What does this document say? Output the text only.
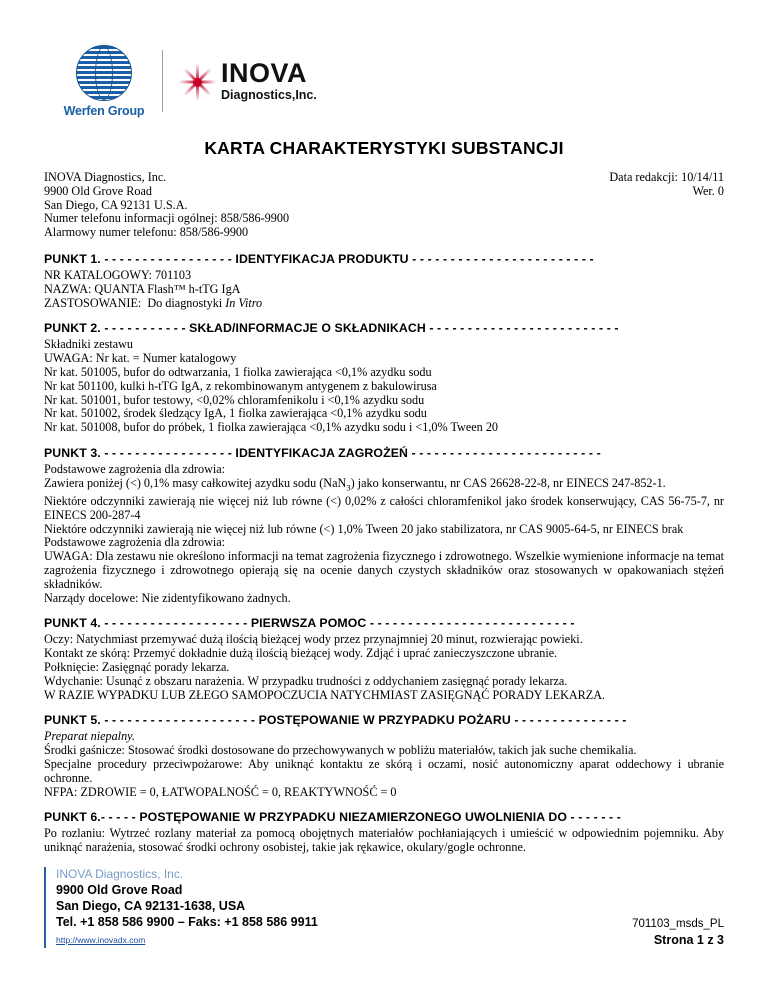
Werfen Group
INOVA
Diagnostics,Inc.
KARTA CHARAKTERYSTYKI SUBSTANCJI
Data redakcji: 10/14/11
Wer. 0
INOVA Diagnostics, Inc.
9900 Old Grove Road
San Diego, CA 92131 U.S.A.
Numer telefonu informacji ogólnej: 858/586-9900
Alarmowy numer telefonu: 858/586-9900
PUNKT 1. - - - - - - - - - - - - - - - - - IDENTYFIKACJA PRODUKTU - - - - - - - - - - - - - - - - - - - - - - - -
NR KATALOGOWY: 701103
NAZWA: QUANTA Flash™ h-tTG IgA
ZASTOSOWANIE:  Do diagnostyki In Vitro
PUNKT 2. - - - - - - - - - - - SKŁAD/INFORMACJE O SKŁADNIKACH - - - - - - - - - - - - - - - - - - - - - - - - -
Składniki zestawu
UWAGA: Nr kat. = Numer katalogowy
Nr kat. 501005, bufor do odtwarzania, 1 fiolka zawierająca <0,1% azydku sodu
Nr kat 501100, kulki h-tTG IgA, z rekombinowanym antygenem z bakulowirusa
Nr kat. 501001, bufor testowy, <0,02% chloramfenikolu i <0,1% azydku sodu
Nr kat. 501002, środek śledzący IgA, 1 fiolka zawierająca <0,1% azydku sodu
Nr kat. 501008, bufor do próbek, 1 fiolka zawierająca <0,1% azydku sodu i <1,0% Tween 20
PUNKT 3. - - - - - - - - - - - - - - - - - IDENTYFIKACJA ZAGROŻEŃ - - - - - - - - - - - - - - - - - - - - - - - - -
Podstawowe zagrożenia dla zdrowia:
Zawiera poniżej (<) 0,1% masy całkowitej azydku sodu (NaN$_3$) jako konserwantu, nr CAS 26628-22-8, nr EINECS 247-852-1.
Niektóre odczynniki zawierają nie więcej niż lub równe (<) 0,02% z całości chloramfenikol jako środek konserwujący, CAS 56-75-7, nr EINECS 200-287-4
Niektóre odczynniki zawierają nie więcej niż lub równe (<) 1,0% Tween 20 jako stabilizatora, nr CAS 9005-64-5, nr EINECS brak
Podstawowe zagrożenia dla zdrowia:
UWAGA: Dla zestawu nie określono informacji na temat zagrożenia fizycznego i zdrowotnego. Wszelkie wymienione informacje na temat zagrożenia fizycznego i zdrowotnego opierają się na ocenie danych czystych składników oraz stosowanych w opakowaniach stężeń składników.
Narządy docelowe: Nie zidentyfikowano żadnych.
PUNKT 4. - - - - - - - - - - - - - - - - - - - PIERWSZA POMOC - - - - - - - - - - - - - - - - - - - - - - - - - - -
Oczy: Natychmiast przemywać dużą ilością bieżącej wody przez przynajmniej 20 minut, rozwierając powieki.
Kontakt ze skórą: Przemyć dokładnie dużą ilością bieżącej wody. Zdjąć i uprać zanieczyszczone ubranie.
Połknięcie: Zasięgnąć porady lekarza.
Wdychanie: Usunąć z obszaru narażenia. W przypadku trudności z oddychaniem zasięgnąć porady lekarza.
W RAZIE WYPADKU LUB ZŁEGO SAMOPOCZUCIA NATYCHMIAST ZASIĘGNĄĆ PORADY LEKARZA.
PUNKT 5. - - - - - - - - - - - - - - - - - - - - POSTĘPOWANIE W PRZYPADKU POŻARU - - - - - - - - - - - - - - -
Preparat niepalny.
Środki gaśnicze: Stosować środki dostosowane do przechowywanych w pobliżu materiałów, takich jak suche chemikalia.
Specjalne procedury przeciwpożarowe: Aby uniknąć kontaktu ze skórą i oczami, nosić autonomiczny aparat oddechowy i ubranie ochronne.
NFPA: ZDROWIE = 0, ŁATWOPALNOŚĆ = 0, REAKTYWNOŚĆ = 0
PUNKT 6.- - - - - POSTĘPOWANIE W PRZYPADKU NIEZAMIERZONEGO UWOLNIENIA DO - - - - - - -
Po rozlaniu: Wytrzeć rozlany materiał za pomocą obojętnych materiałów pochłaniających i umieścić w odpowiednim pojemniku. Aby uniknąć narażenia, stosować środki ochrony osobistej, takie jak rękawice, okulary/gogle ochronne.
INOVA Diagnostics, Inc.
9900 Old Grove Road
San Diego, CA 92131-1638, USA
Tel. +1 858 586 9900 – Faks: +1 858 586 9911
http://www.inovadx.com
701103_msds_PL
Strona 1 z 3
